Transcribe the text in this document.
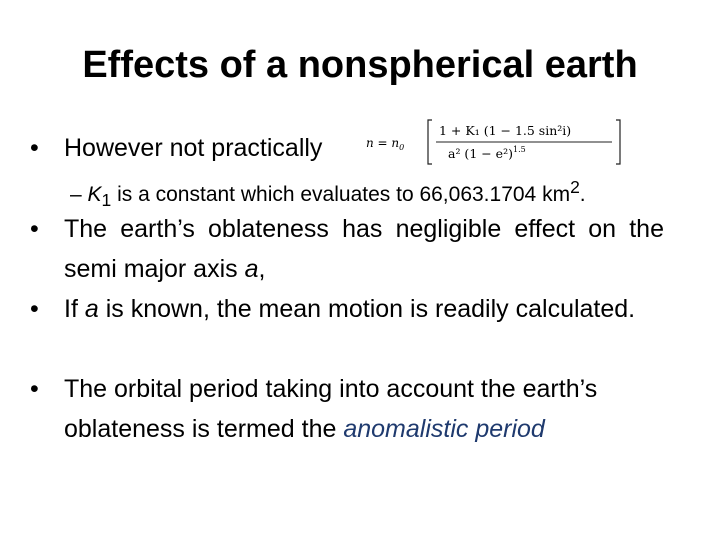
Effects of a nonspherical earth
• However not practically	$n = n_0$
1 + K₁ (1 − 1.5 sin²i)
a² $(1 - e^2)^{1.5}$
– $K_1$ is a constant which evaluates to 66,063.1704 $km^2$.
• The earth’s oblateness has negligible effect on the semi major axis a,
• If a is known, the mean motion is readily calculated.
• The orbital period taking into account the earth’s oblateness is termed the anomalistic period
